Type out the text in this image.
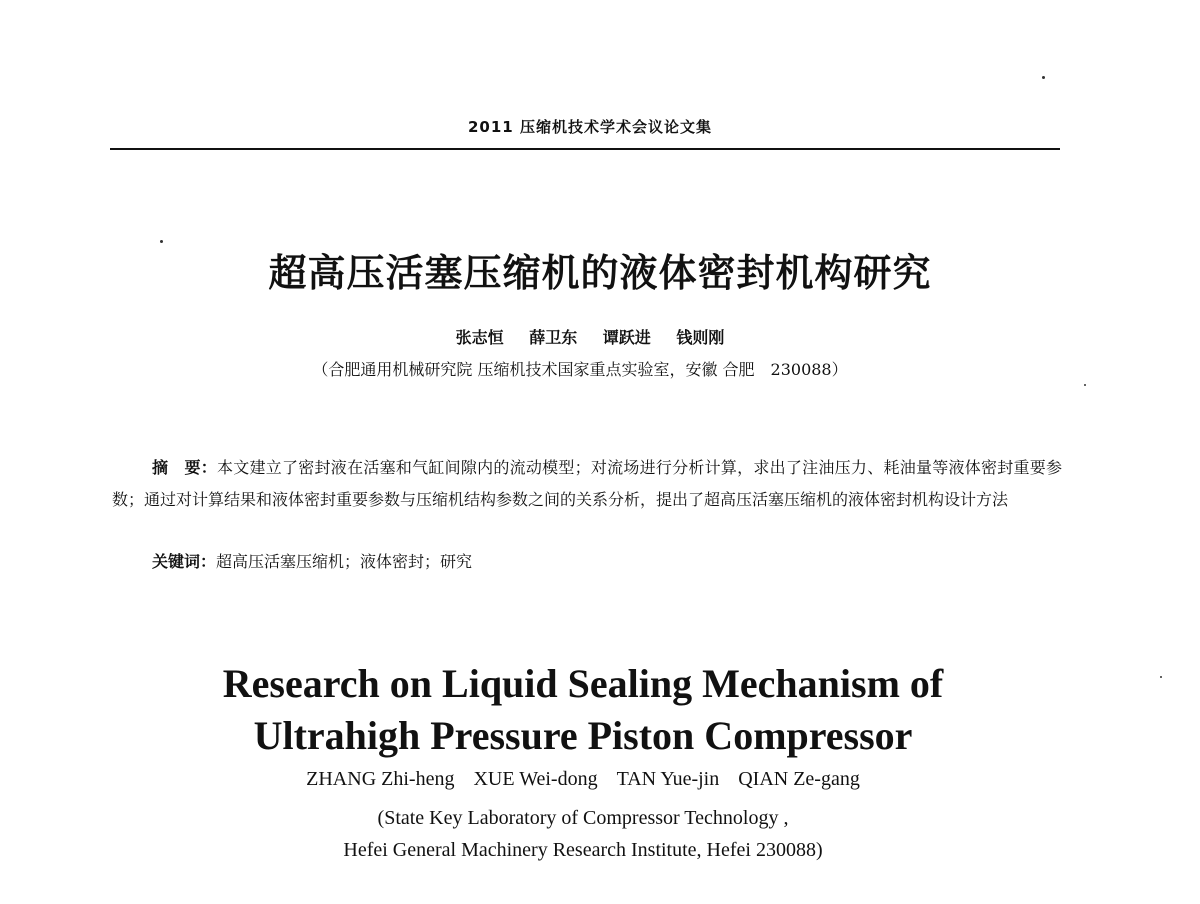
2011 压缩机技术学术会议论文集
超高压活塞压缩机的液体密封机构研究
张志恒 薛卫东 谭跃进 钱则刚
（合肥通用机械研究院 压缩机技术国家重点实验室，安徽 合肥　230088）
摘　要：本文建立了密封液在活塞和气缸间隙内的流动模型；对流场进行分析计算，求出了注油压力、耗油量等液体密封重要参数；通过对计算结果和液体密封重要参数与压缩机结构参数之间的关系分析，提出了超高压活塞压缩机的液体密封机构设计方法
关键词：超高压活塞压缩机；液体密封；研究
Research on Liquid Sealing Mechanism of
Ultrahigh Pressure Piston Compressor
ZHANG Zhi-heng XUE Wei-dong TAN Yue-jin QIAN Ze-gang
(State Key Laboratory of Compressor Technology ,
Hefei General Machinery Research Institute, Hefei 230088)
